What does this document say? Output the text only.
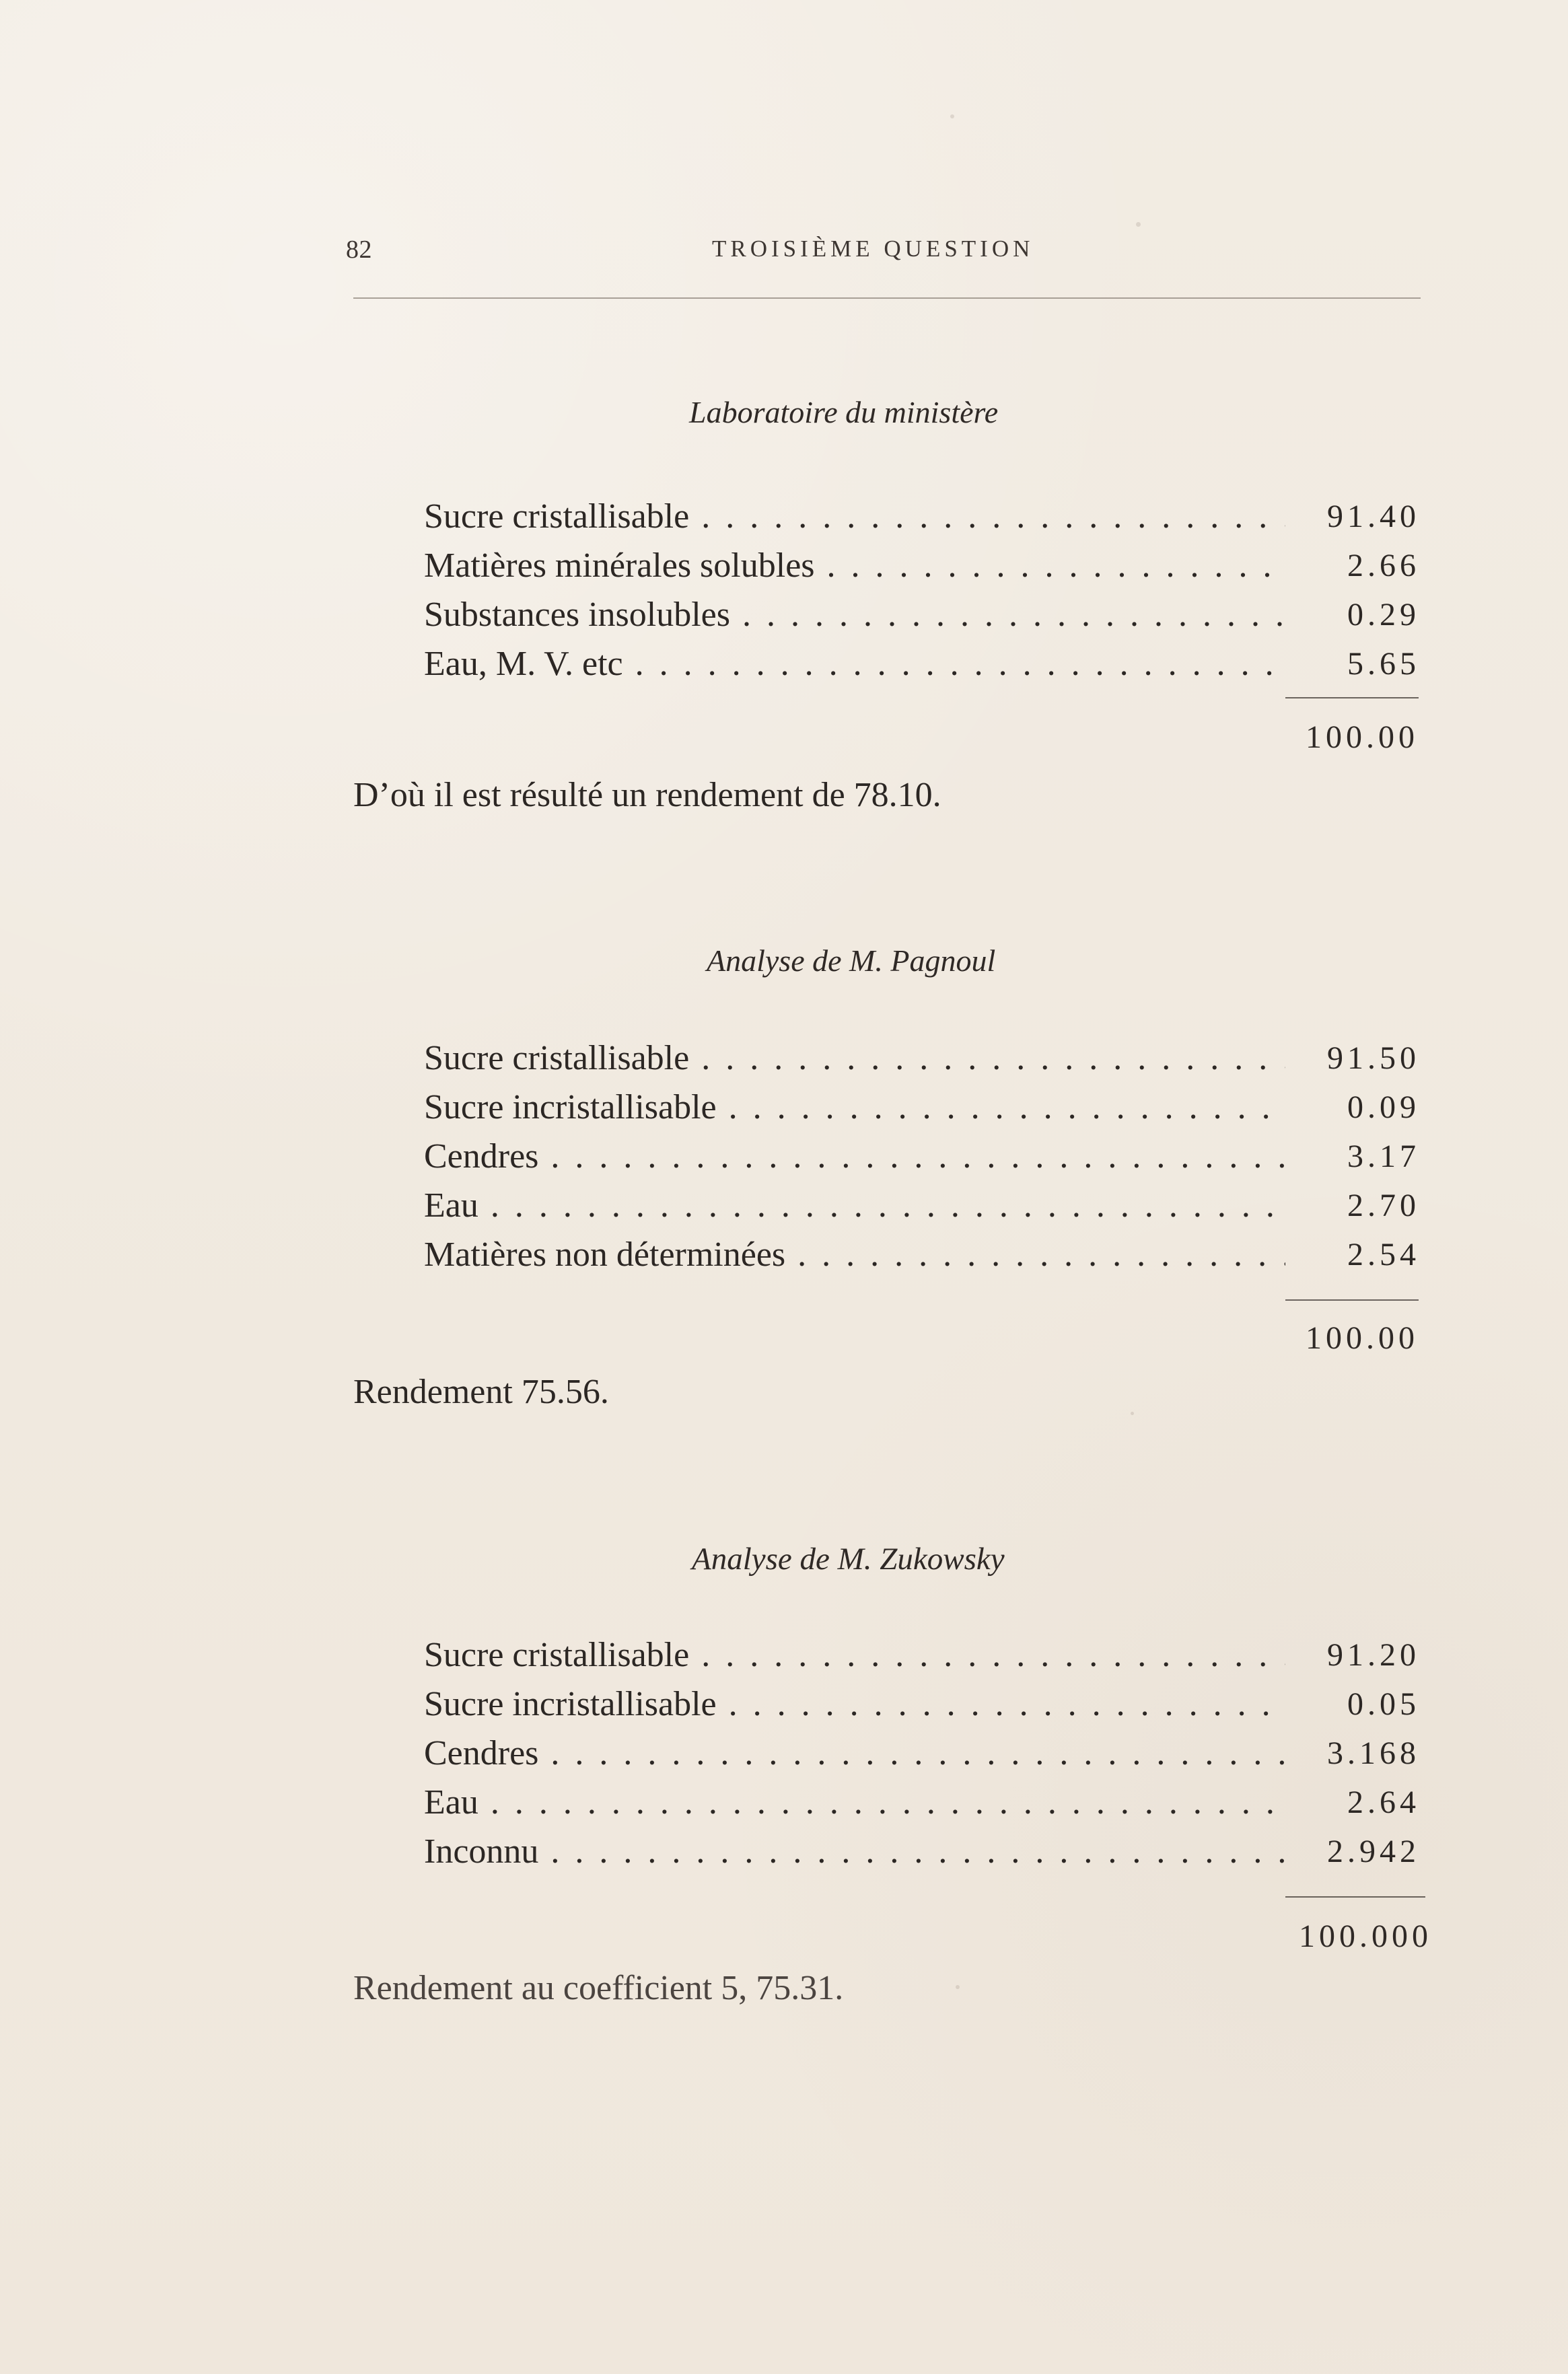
82	TROISIÈME QUESTION
Laboratoire du ministère
Sucre cristallisable . . .	91.40
Matières minérales solubles . . .	2.66
Substances insolubles . . .	0.29
Eau, M. V. etc . . .	5.65
100.00
D’où il est résulté un rendement de 78.10.
Analyse de M. Pagnoul
Sucre cristallisable . . .	91.50
Sucre incristallisable . . .	0.09
Cendres . . .	3.17
Eau . . .	2.70
Matières non déterminées . . .	2.54
100.00
Rendement 75.56.
Analyse de M. Zukowsky
Sucre cristallisable . . .	91.20
Sucre incristallisable . . .	0.05
Cendres . . .	3.168
Eau . . .	2.64
Inconnu . . .	2.942
100.000
Rendement au coefficient 5, 75.31.
